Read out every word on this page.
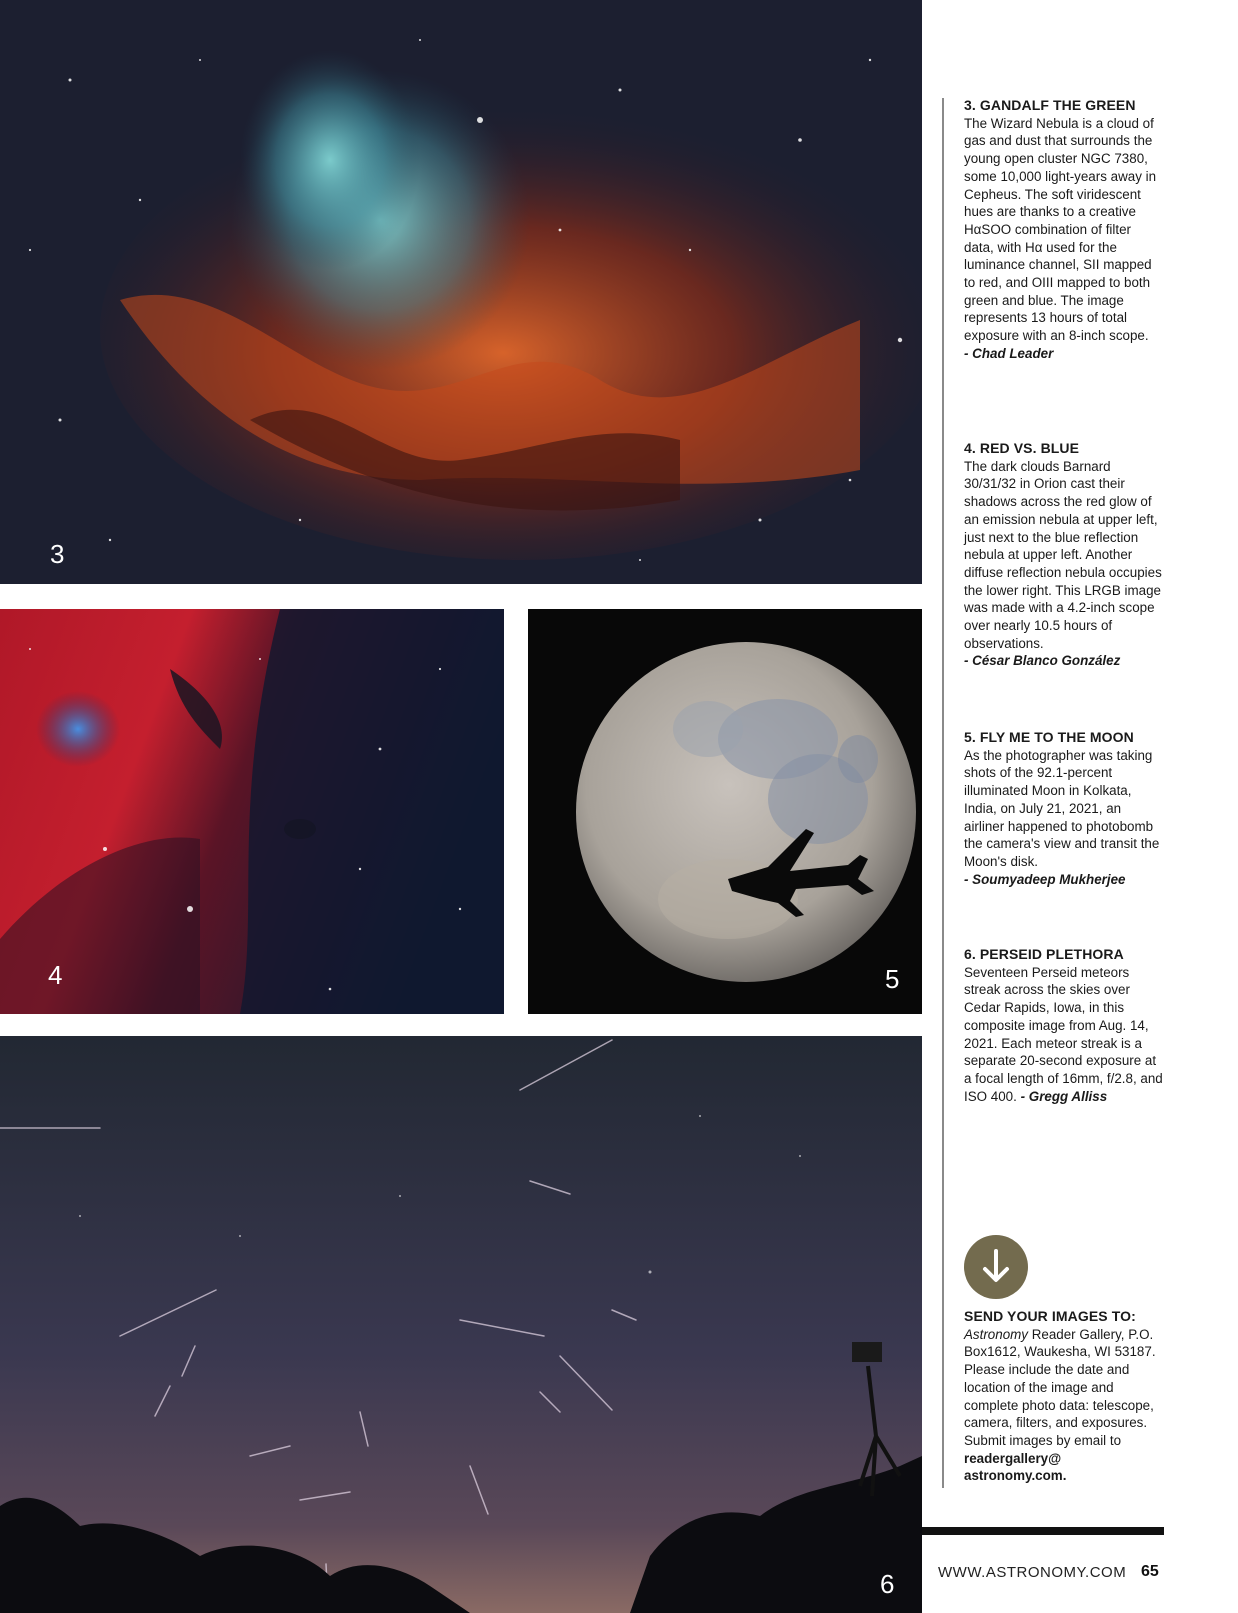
3
4	5
6
3. GANDALF THE GREEN

The Wizard Nebula is a cloud of gas and dust that surrounds the young open cluster NGC 7380, some 10,000 light-years away in Cepheus. The soft viridescent hues are thanks to a creative HαSOO combination of filter data, with Hα used for the luminance channel, SII mapped to red, and OIII mapped to both green and blue. The image represents 13 hours of total exposure with an 8-inch scope.

- Chad Leader

4. RED VS. BLUE

The dark clouds Barnard 30/31/32 in Orion cast their shadows across the red glow of an emission nebula at upper left, just next to the blue reflection nebula at upper left. Another diffuse reflection nebula occupies the lower right. This LRGB image was made with a 4.2-inch scope over nearly 10.5 hours of observations.

- César Blanco González

5. FLY ME TO THE MOON

As the photographer was taking shots of the 92.1-percent illuminated Moon in Kolkata, India, on July 21, 2021, an airliner happened to photobomb the camera's view and transit the Moon's disk.

- Soumyadeep Mukherjee

6. PERSEID PLETHORA

Seventeen Perseid meteors streak across the skies over Cedar Rapids, Iowa, in this composite image from Aug. 14, 2021. Each meteor streak is a separate 20-second exposure at a focal length of 16mm, f/2.8, and ISO 400. - Gregg Alliss

SEND YOUR IMAGES TO:

Astronomy Reader Gallery, P.O. Box1612, Waukesha, WI 53187. Please include the date and location of the image and complete photo data: telescope, camera, filters, and exposures. Submit images by email to readergallery@ astronomy.com.

WWW.ASTRONOMY.COM 65
